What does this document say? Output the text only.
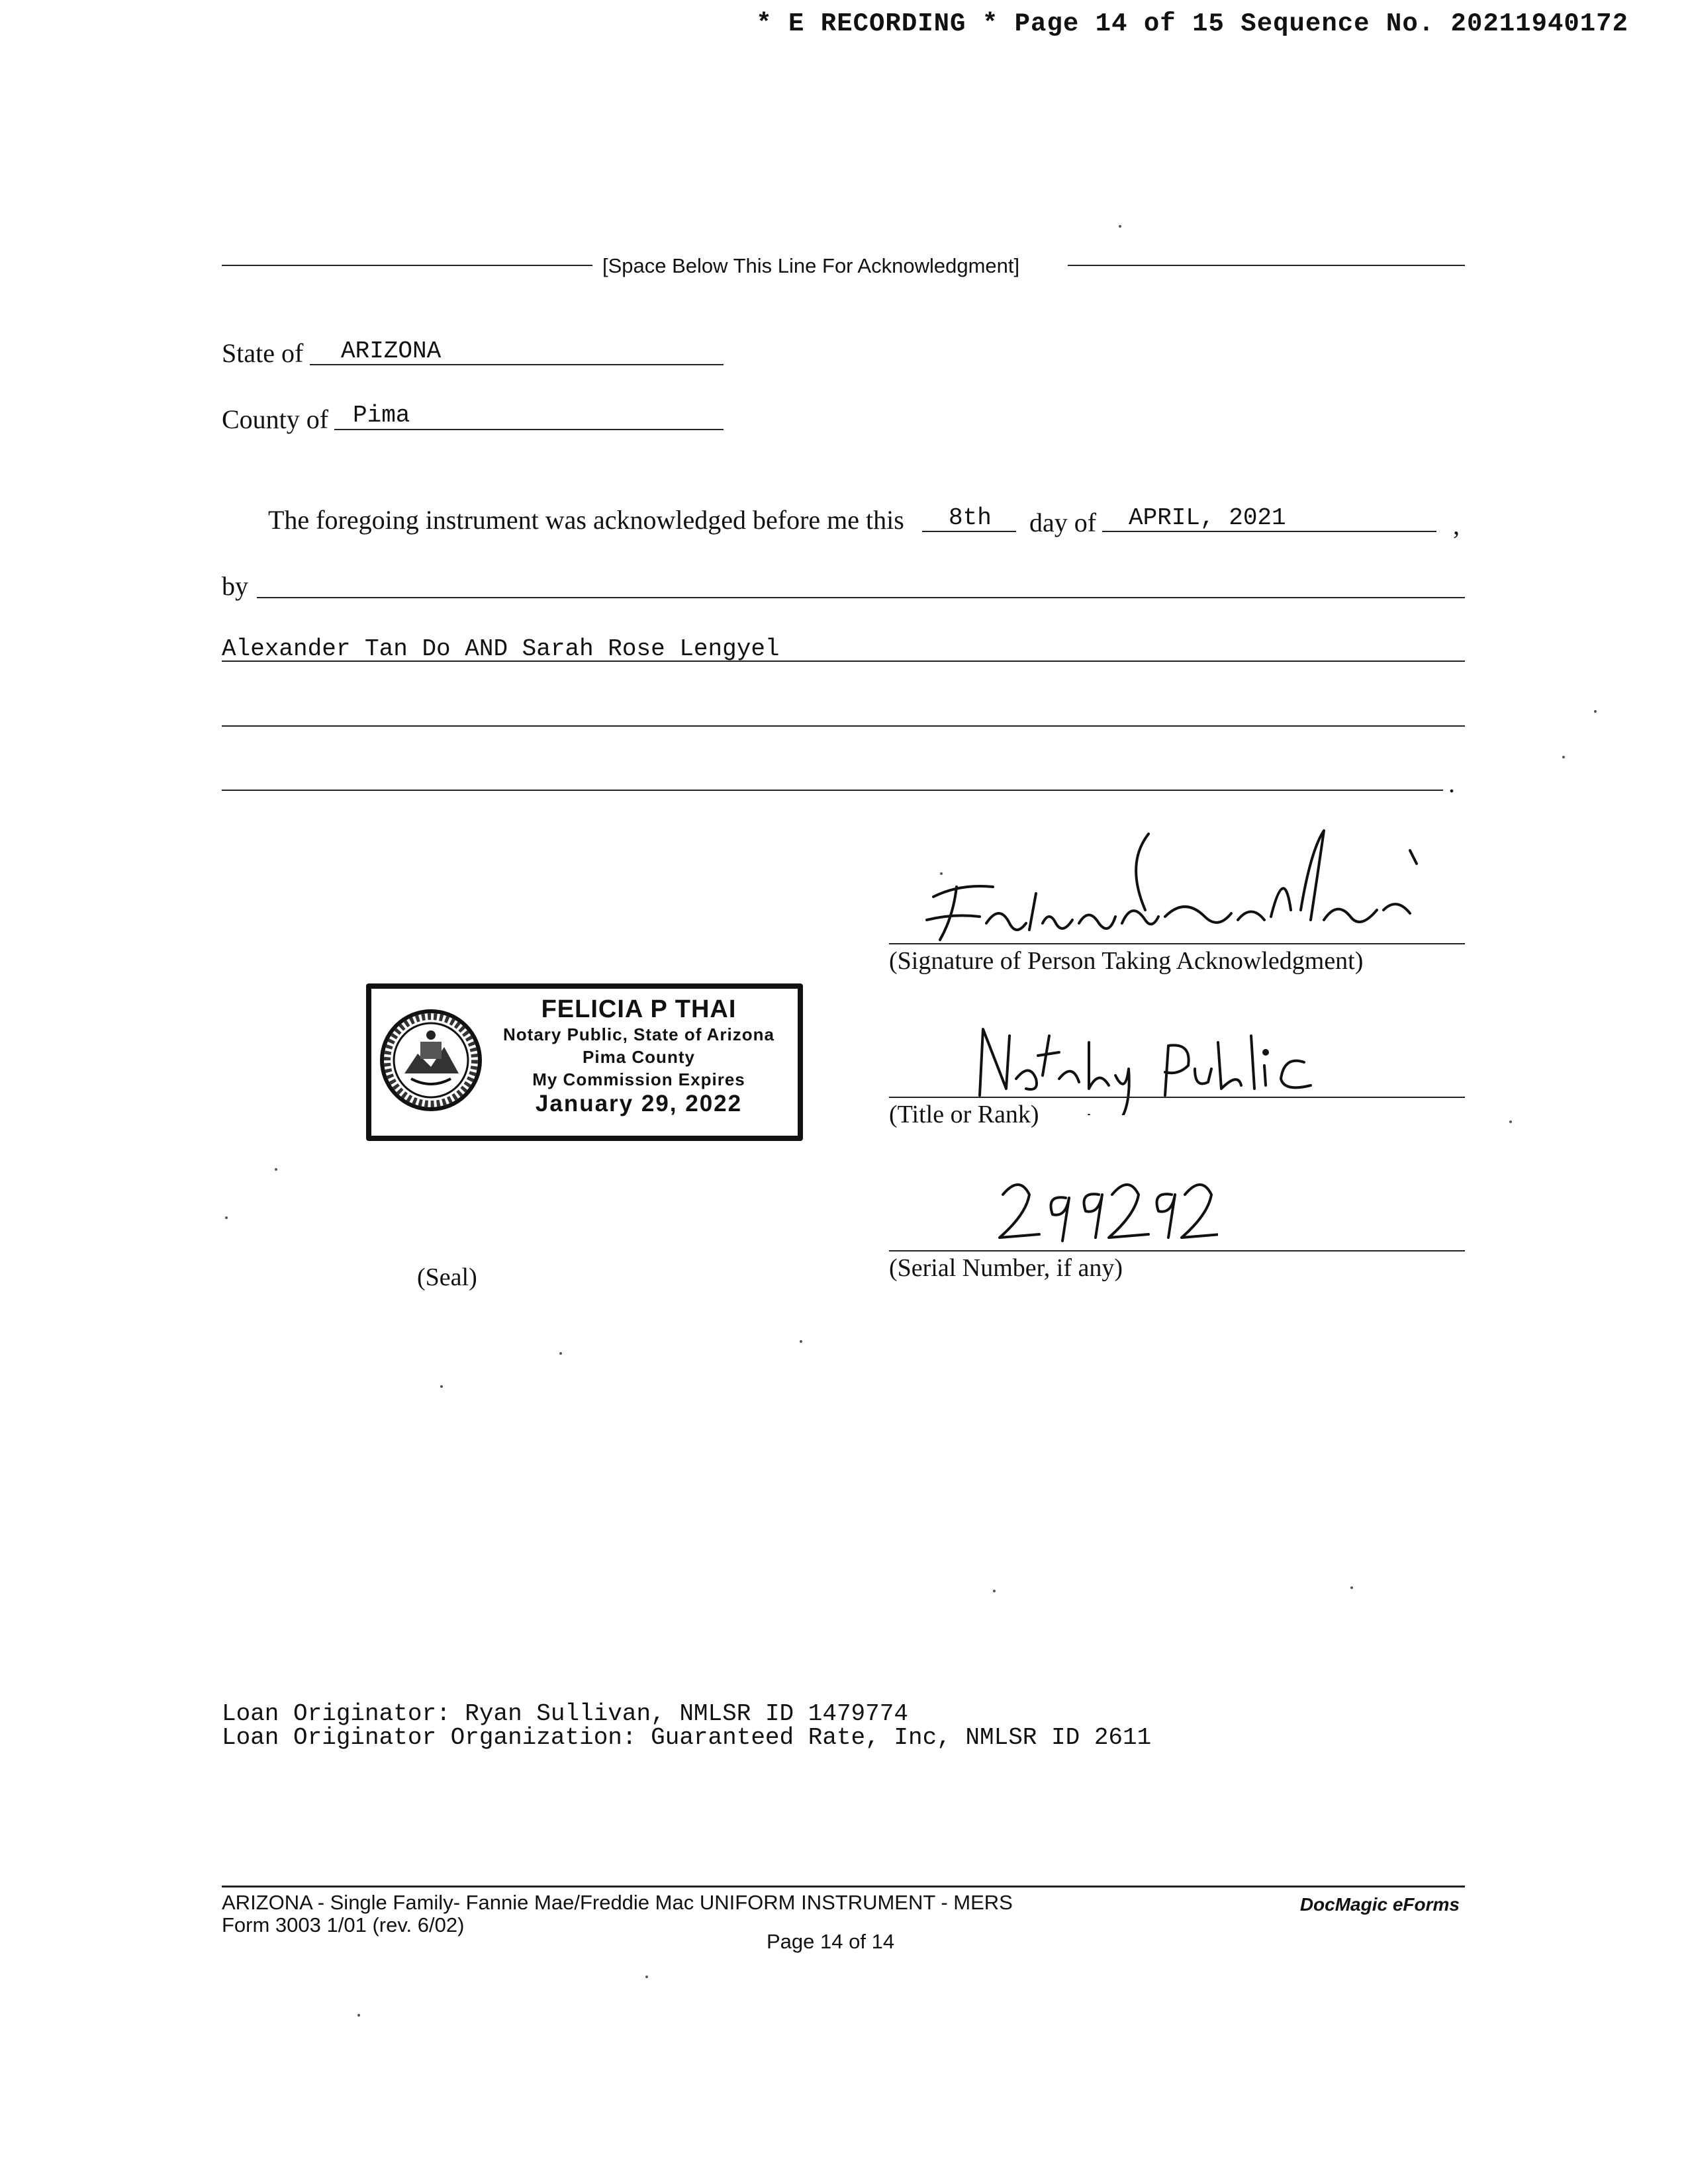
* E RECORDING * Page 14 of 15 Sequence No. 20211940172
[Space Below This Line For Acknowledgment]
State of ARIZONA
County of Pima
The foregoing instrument was acknowledged before me this 8th day of APRIL, 2021	,
by
Alexander Tan Do AND Sarah Rose Lengyel
.
FELICIA P THAI
Notary Public, State of Arizona
Pima County
My Commission Expires
January 29, 2022
(Signature of Person Taking Acknowledgment)
(Title or Rank)
(Serial Number, if any)
(Seal)
Loan Originator: Ryan Sullivan, NMLSR ID 1479774
Loan Originator Organization: Guaranteed Rate, Inc, NMLSR ID 2611
ARIZONA - Single Family- Fannie Mae/Freddie Mac UNIFORM INSTRUMENT - MERS
Form 3003 1/01 (rev. 6/02)
DocMagic eForms
Page 14 of 14
